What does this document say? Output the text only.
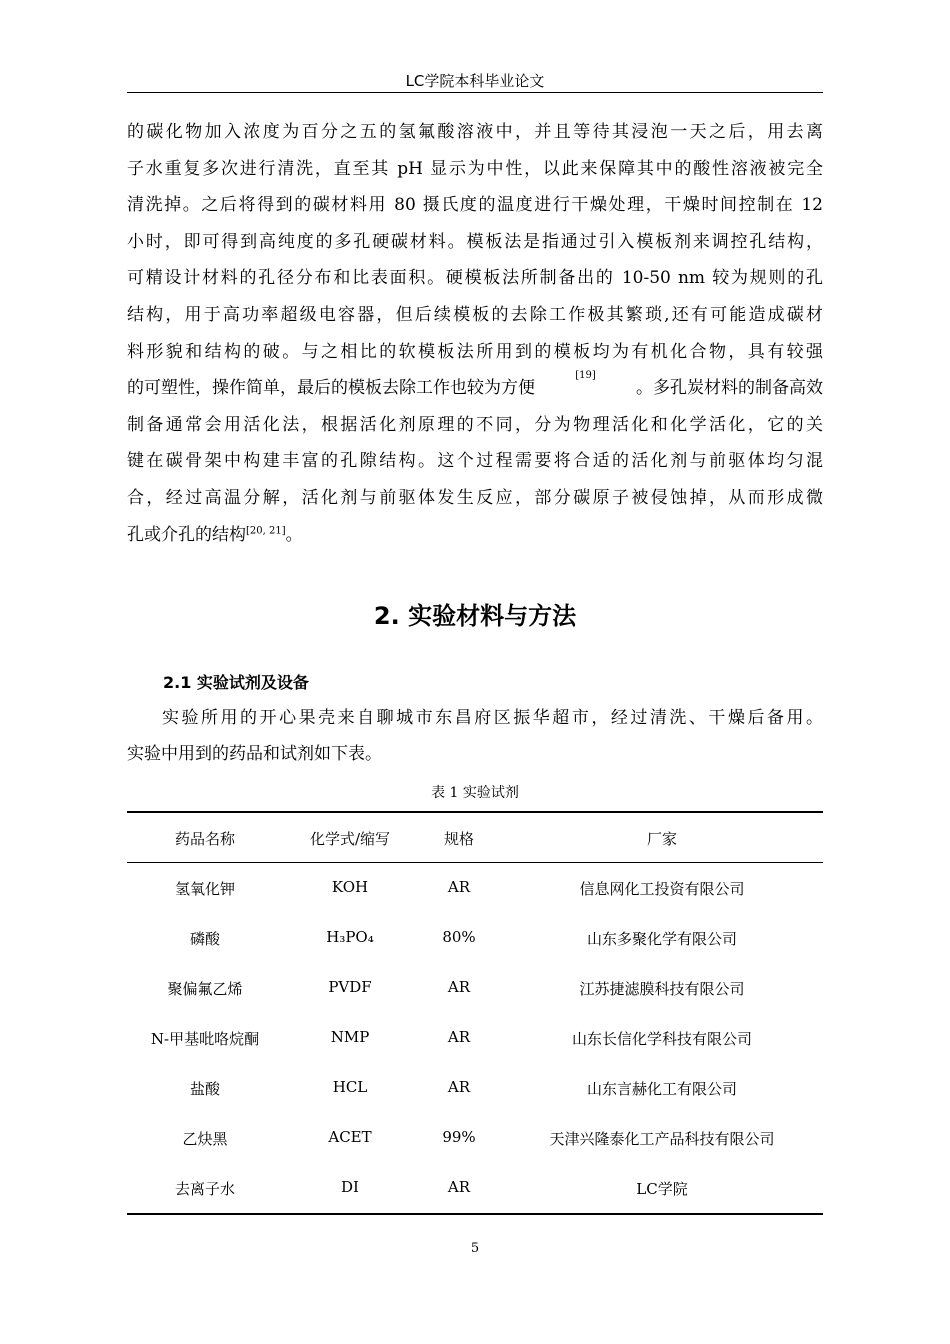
LC学院本科毕业论文
的碳化物加入浓度为百分之五的氢氟酸溶液中，并且等待其浸泡一天之后，用去离
子水重复多次进行清洗，直至其 pH 显示为中性，以此来保障其中的酸性溶液被完全
清洗掉。之后将得到的碳材料用 80 摄氏度的温度进行干燥处理，干燥时间控制在 12
小时，即可得到高纯度的多孔硬碳材料。模板法是指通过引入模板剂来调控孔结构，
可精设计材料的孔径分布和比表面积。硬模板法所制备出的 10-50 nm 较为规则的孔
结构，用于高功率超级电容器，但后续模板的去除工作极其繁琐,还有可能造成碳材
料形貌和结构的破。与之相比的软模板法所用到的模板均为有机化合物，具有较强
的可塑性，操作简单，最后的模板去除工作也较为方便
[19]
。多孔炭材料的制备高效
制备通常会用活化法，根据活化剂原理的不同，分为物理活化和化学活化，它的关
键在碳骨架中构建丰富的孔隙结构。这个过程需要将合适的活化剂与前驱体均匀混
合，经过高温分解，活化剂与前驱体发生反应，部分碳原子被侵蚀掉，从而形成微
孔或介孔的结构[20, 21]。
2. 实验材料与方法
2.1 实验试剂及设备
实验所用的开心果壳来自聊城市东昌府区振华超市，经过清洗、干燥后备用。
实验中用到的药品和试剂如下表。
表 1 实验试剂
药品名称	化学式/缩写	规格	厂家
氢氧化钾	KOH	AR	信息网化工投资有限公司
磷酸	H₃PO₄	80%	山东多聚化学有限公司
聚偏氟乙烯	PVDF	AR	江苏捷滤膜科技有限公司
N-甲基吡咯烷酮	NMP	AR	山东长信化学科技有限公司
盐酸	HCL	AR	山东言赫化工有限公司
乙炔黑	ACET	99%	天津兴隆泰化工产品科技有限公司
去离子水	DI	AR	LC学院
5
